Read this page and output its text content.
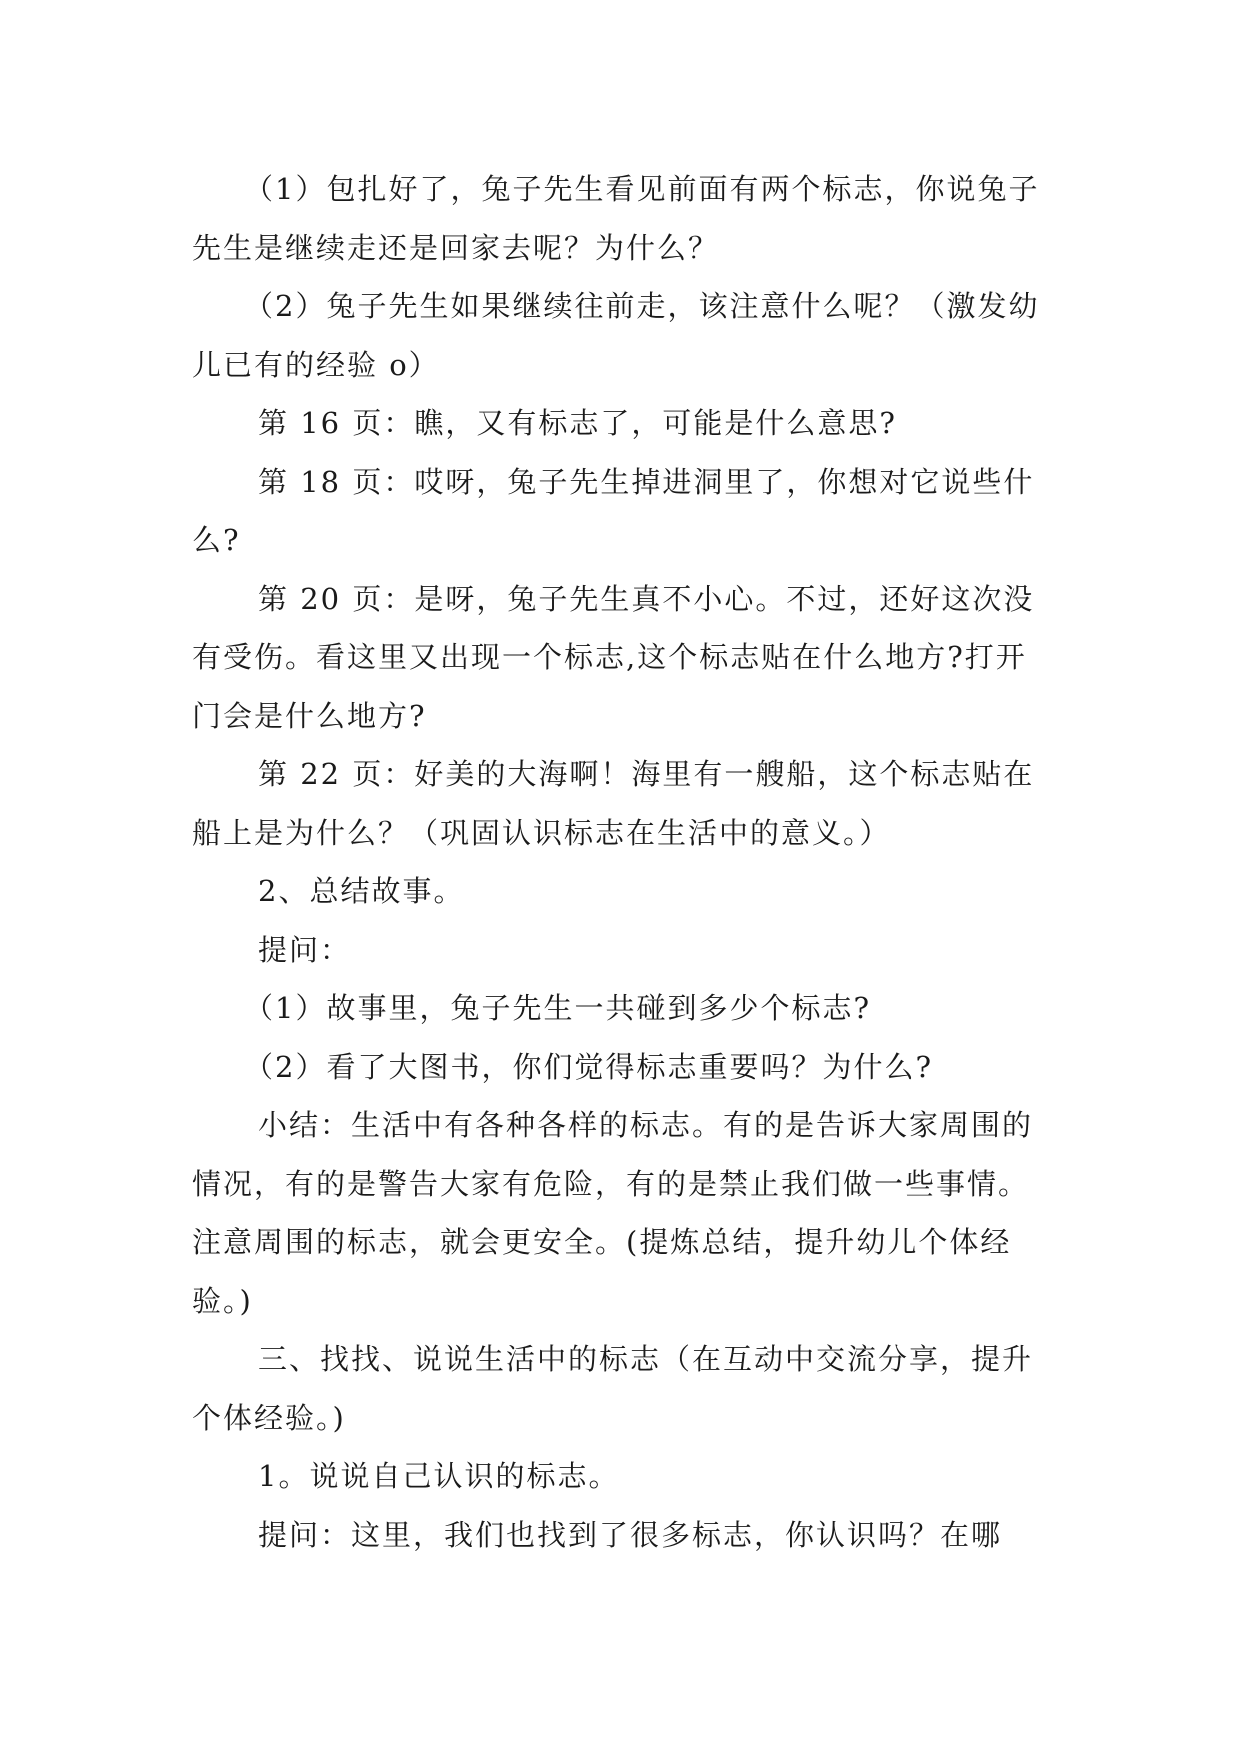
（1）包扎好了，兔子先生看见前面有两个标志，你说兔子先生是继续走还是回家去呢？为什么？

（2）兔子先生如果继续往前走，该注意什么呢？（激发幼儿已有的经验 o）

第 16 页：瞧，又有标志了，可能是什么意思?

第 18 页：哎呀，兔子先生掉进洞里了，你想对它说些什么?

第 20 页：是呀，兔子先生真不小心。不过，还好这次没有受伤。看这里又出现一个标志,这个标志贴在什么地方?打开门会是什么地方?

第 22 页：好美的大海啊！海里有一艘船，这个标志贴在船上是为什么？（巩固认识标志在生活中的意义。）

2、总结故事。

提问：

（1）故事里，兔子先生一共碰到多少个标志?

（2）看了大图书，你们觉得标志重要吗？为什么?

小结：生活中有各种各样的标志。有的是告诉大家周围的情况，有的是警告大家有危险，有的是禁止我们做一些事情。注意周围的标志，就会更安全。(提炼总结，提升幼儿个体经验。)

三、找找、说说生活中的标志（在互动中交流分享，提升个体经验。)

1。说说自己认识的标志。

提问：这里，我们也找到了很多标志，你认识吗？在哪
